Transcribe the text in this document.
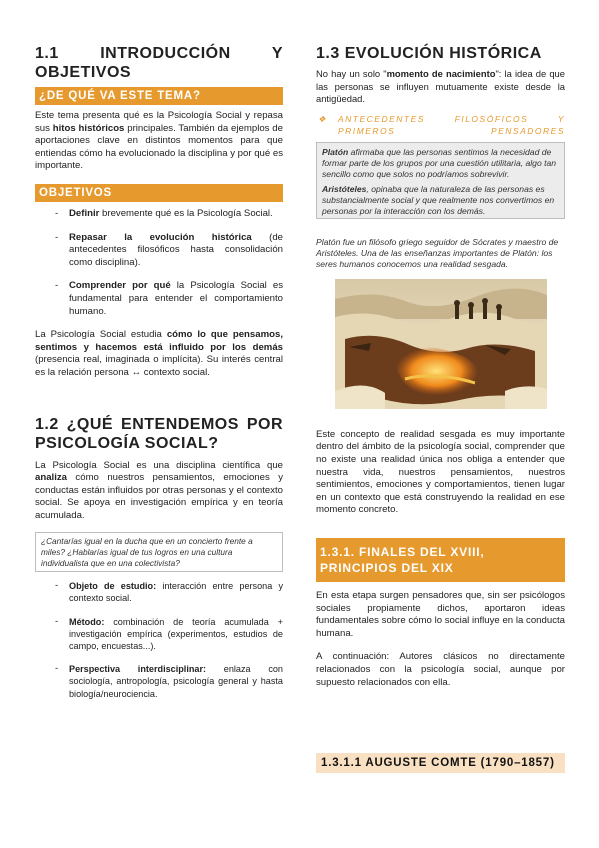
1.1 INTRODUCCIÓN Y OBJETIVOS
¿DE QUÉ VA ESTE TEMA?

Este tema presenta qué es la Psicología Social y repasa sus hitos históricos principales. También da ejemplos de aportaciones clave en distintos momentos para que entiendas cómo ha evolucionado la disciplina y por qué es importante.

OBJETIVOS
-	Definir brevemente qué es la Psicología Social.
-	Repasar la evolución histórica (de antecedentes filosóficos hasta consolidación como disciplina).
-	Comprender por qué la Psicología Social es fundamental para entender el comportamiento humano.

La Psicología Social estudia cómo lo que pensamos, sentimos y hacemos está influido por los demás (presencia real, imaginada o implícita). Su interés central es la relación persona ↔ contexto social.

1.2 ¿QUÉ ENTENDEMOS POR PSICOLOGÍA SOCIAL?

La Psicología Social es una disciplina científica que analiza cómo nuestros pensamientos, emociones y conductas están influidos por otras personas y el contexto social. Se apoya en investigación empírica y en teoría acumulada.

¿Cantarías igual en la ducha que en un concierto frente a miles? ¿Hablarías igual de tus logros en una cultura individualista que en una colectivista?
-	Objeto de estudio: interacción entre persona y contexto social.
-	Método: combinación de teoría acumulada + investigación empírica (experimentos, estudios de campo, encuestas...).
-	Perspectiva interdisciplinar: enlaza con sociología, antropología, psicología general y hasta biología/neurociencia.
1.3 EVOLUCIÓN HISTÓRICA

No hay un solo "momento de nacimiento": la idea de que las personas se influyen mutuamente existe desde la antigüedad.

❖	ANTECEDENTES FILOSÓFICOS Y PRIMEROS PENSADORES

Platón afirmaba que las personas sentimos la necesidad de formar parte de los grupos por una cuestión utilitaria, algo tan sencillo como que solos no podríamos sobrevivir.

Aristóteles, opinaba que la naturaleza de las personas es substancialmente social y que realmente nos convertimos en personas por la interacción con los demás.

Platón fue un filósofo griego seguidor de Sócrates y maestro de Aristóteles. Una de las enseñanzas importantes de Platón: los seres humanos conocemos una realidad sesgada.

Este concepto de realidad sesgada es muy importante dentro del ámbito de la psicología social, comprender que no existe una realidad única nos obliga a entender que nuestra vida, nuestros pensamientos, nuestros sentimientos, emociones y comportamientos, tienen lugar en un contexto que está construyendo la realidad en ese momento concreto.

1.3.1. FINALES DEL XVIII, PRINCIPIOS DEL XIX

En esta etapa surgen pensadores que, sin ser psicólogos sociales propiamente dichos, aportaron ideas fundamentales sobre cómo lo social influye en la conducta humana.

A continuación: Autores clásicos no directamente relacionados con la psicología social, aunque por supuesto relacionados con ella.

1.3.1.1 AUGUSTE COMTE (1790–1857)
